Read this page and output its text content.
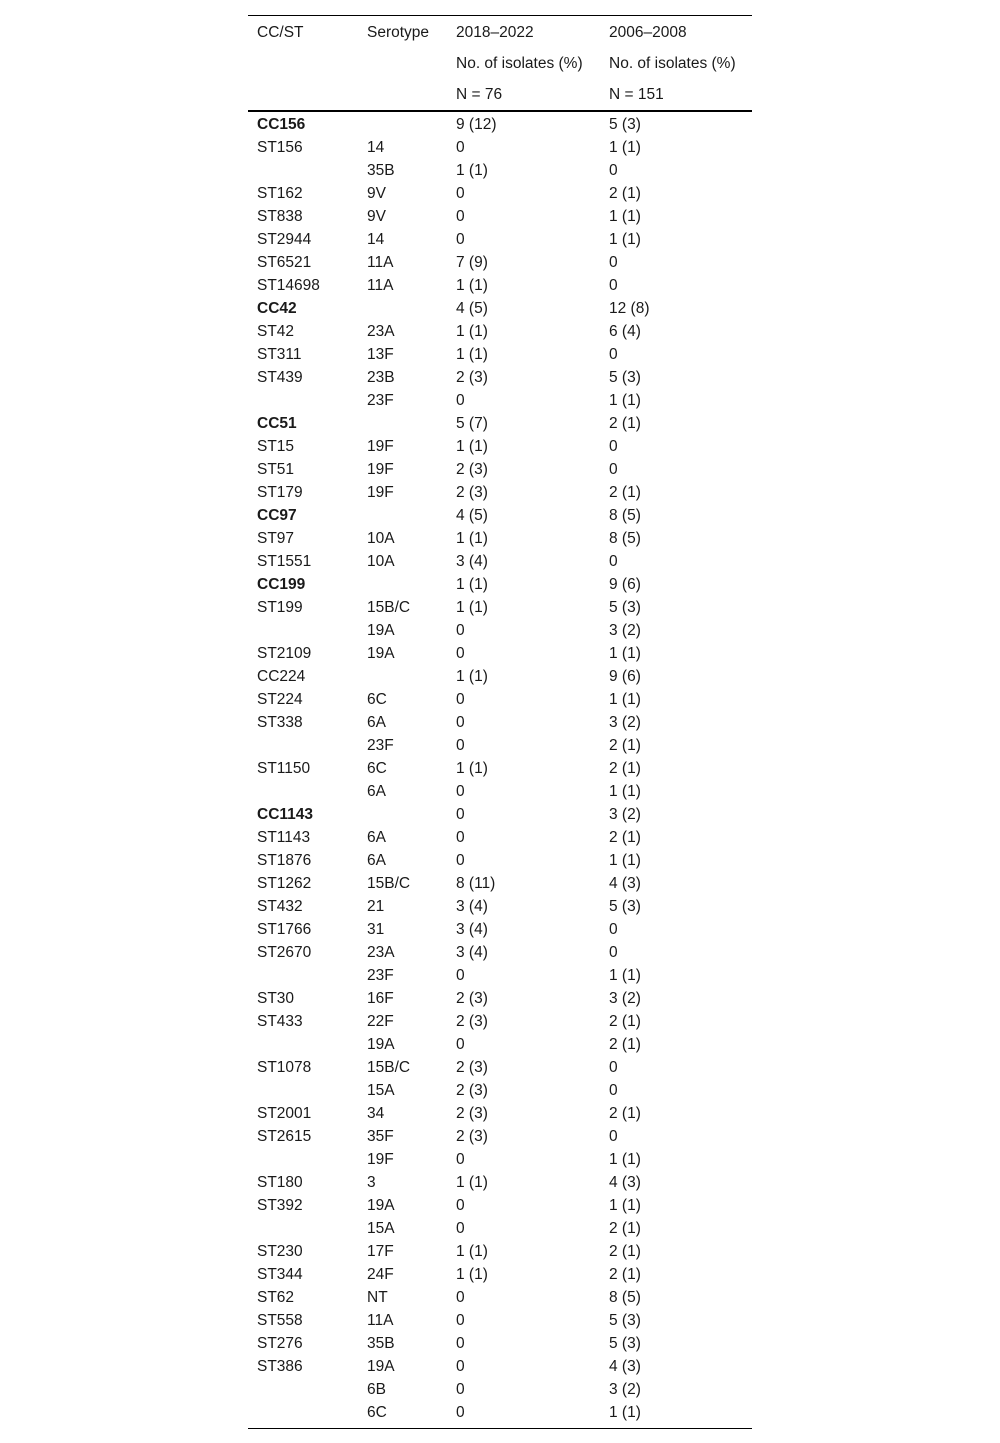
CC/ST	Serotype	2018–2022	2006–2008
		No. of isolates (%)	No. of isolates (%)
		N = 76	N = 151
CC156		9 (12)	5 (3)
ST156	14	0	1 (1)
	35B	1 (1)	0
ST162	9V	0	2 (1)
ST838	9V	0	1 (1)
ST2944	14	0	1 (1)
ST6521	11A	7 (9)	0
ST14698	11A	1 (1)	0
CC42		4 (5)	12 (8)
ST42	23A	1 (1)	6 (4)
ST311	13F	1 (1)	0
ST439	23B	2 (3)	5 (3)
	23F	0	1 (1)
CC51		5 (7)	2 (1)
ST15	19F	1 (1)	0
ST51	19F	2 (3)	0
ST179	19F	2 (3)	2 (1)
CC97		4 (5)	8 (5)
ST97	10A	1 (1)	8 (5)
ST1551	10A	3 (4)	0
CC199		1 (1)	9 (6)
ST199	15B/C	1 (1)	5 (3)
	19A	0	3 (2)
ST2109	19A	0	1 (1)
CC224		1 (1)	9 (6)
ST224	6C	0	1 (1)
ST338	6A	0	3 (2)
	23F	0	2 (1)
ST1150	6C	1 (1)	2 (1)
	6A	0	1 (1)
CC1143		0	3 (2)
ST1143	6A	0	2 (1)
ST1876	6A	0	1 (1)
ST1262	15B/C	8 (11)	4 (3)
ST432	21	3 (4)	5 (3)
ST1766	31	3 (4)	0
ST2670	23A	3 (4)	0
	23F	0	1 (1)
ST30	16F	2 (3)	3 (2)
ST433	22F	2 (3)	2 (1)
	19A	0	2 (1)
ST1078	15B/C	2 (3)	0
	15A	2 (3)	0
ST2001	34	2 (3)	2 (1)
ST2615	35F	2 (3)	0
	19F	0	1 (1)
ST180	3	1 (1)	4 (3)
ST392	19A	0	1 (1)
	15A	0	2 (1)
ST230	17F	1 (1)	2 (1)
ST344	24F	1 (1)	2 (1)
ST62	NT	0	8 (5)
ST558	11A	0	5 (3)
ST276	35B	0	5 (3)
ST386	19A	0	4 (3)
	6B	0	3 (2)
	6C	0	1 (1)
